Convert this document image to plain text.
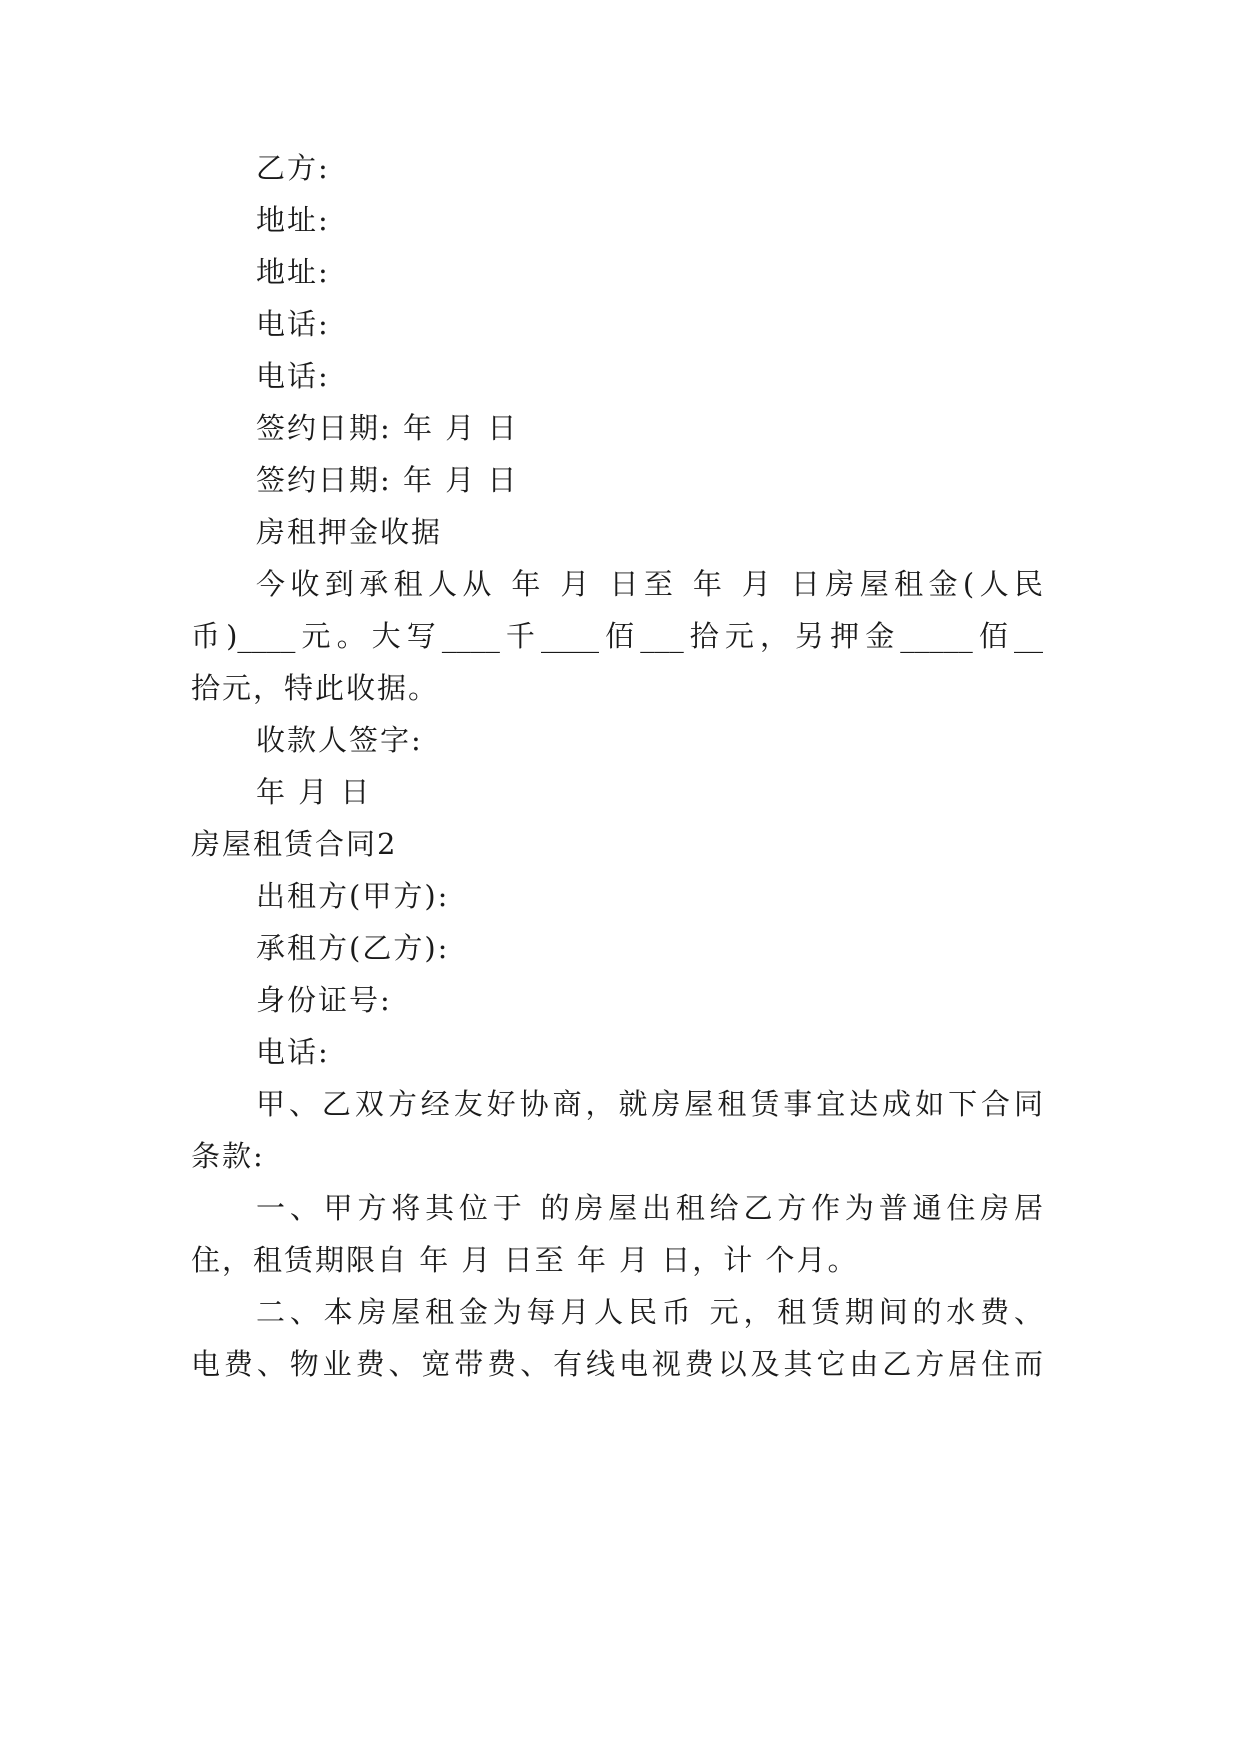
乙方:
地址:
地址:
电话:
电话:
签约日期: 年 月 日
签约日期: 年 月 日
房租押金收据
今收到承租人从 年 月 日至 年 月 日房屋租金(人民
币)____元。大写____千____佰___拾元，另押金_____佰__
拾元，特此收据。
收款人签字:
年 月 日
房屋租赁合同2
出租方(甲方):
承租方(乙方):
身份证号:
电话:
甲、乙双方经友好协商，就房屋租赁事宜达成如下合同
条款:
一、甲方将其位于 的房屋出租给乙方作为普通住房居
住，租赁期限自 年 月 日至 年 月 日，计 个月。
二、本房屋租金为每月人民币 元，租赁期间的水费、
电费、物业费、宽带费、有线电视费以及其它由乙方居住而
